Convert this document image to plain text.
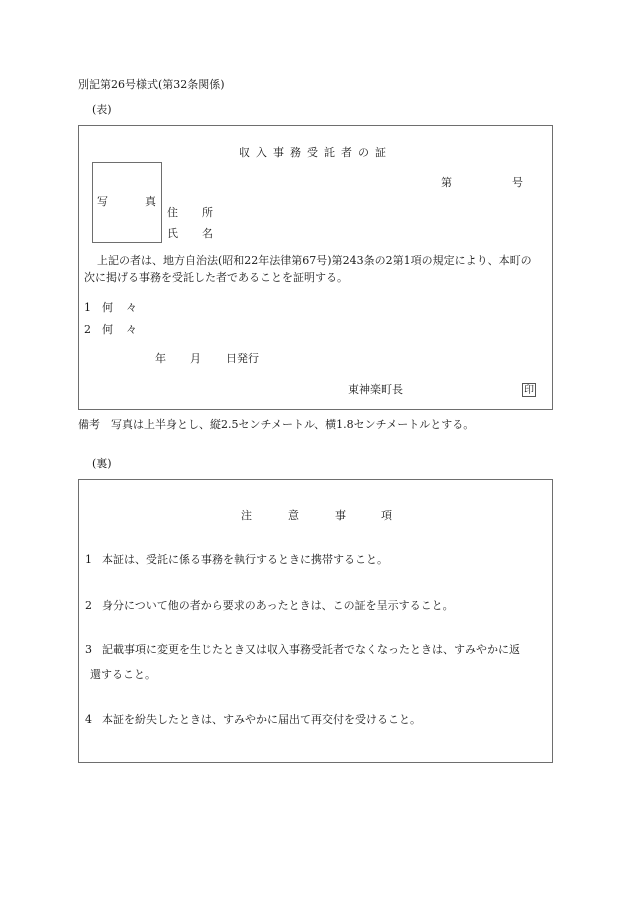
別記第26号様式(第32条関係)
(表)
収入事務受託者の証
第	号
写	真
住 所
氏 名
上記の者は、地方自治法(昭和22年法律第67号)第243条の2第1項の規定により、本町の
次に掲げる事務を受託した者であることを証明する。
1 何 々
2 何 々
年 月 日発行
東神楽町長	印
備考　写真は上半身とし、縦2.5センチメートル、横1.8センチメートルとする。
(裏)
注	意	事	項
1 本証は、受託に係る事務を執行するときに携帯すること。
2 身分について他の者から要求のあったときは、この証を呈示すること。
3 記載事項に変更を生じたとき又は収入事務受託者でなくなったときは、すみやかに返
還すること。
4 本証を紛失したときは、すみやかに届出て再交付を受けること。
